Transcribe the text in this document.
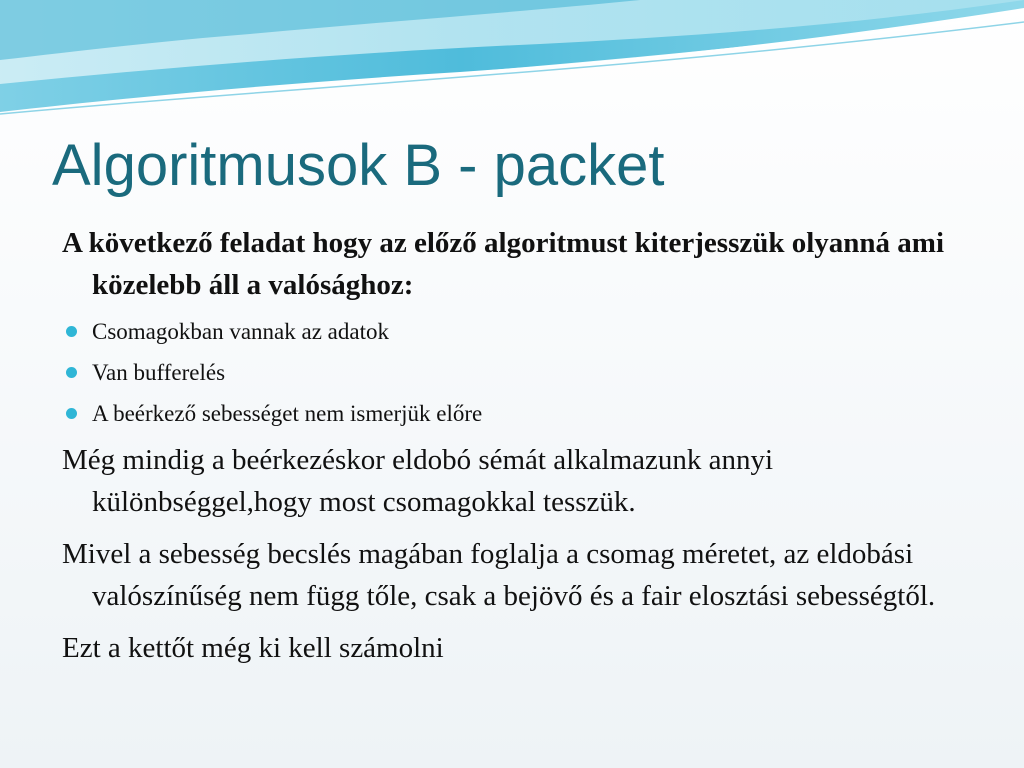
Algoritmusok B - packet

A következő feladat hogy az előző algoritmust kiterjesszük olyanná ami közelebb áll a valósághoz:

Csomagokban vannak az adatok
Van bufferelés
A beérkező sebességet nem ismerjük előre

Még mindig a beérkezéskor eldobó sémát alkalmazunk annyi különbséggel,hogy most csomagokkal tesszük.

Mivel a sebesség becslés magában foglalja a csomag méretet, az eldobási valószínűség nem függ tőle, csak a bejövő és a fair elosztási sebességtől.

Ezt a kettőt még ki kell számolni
